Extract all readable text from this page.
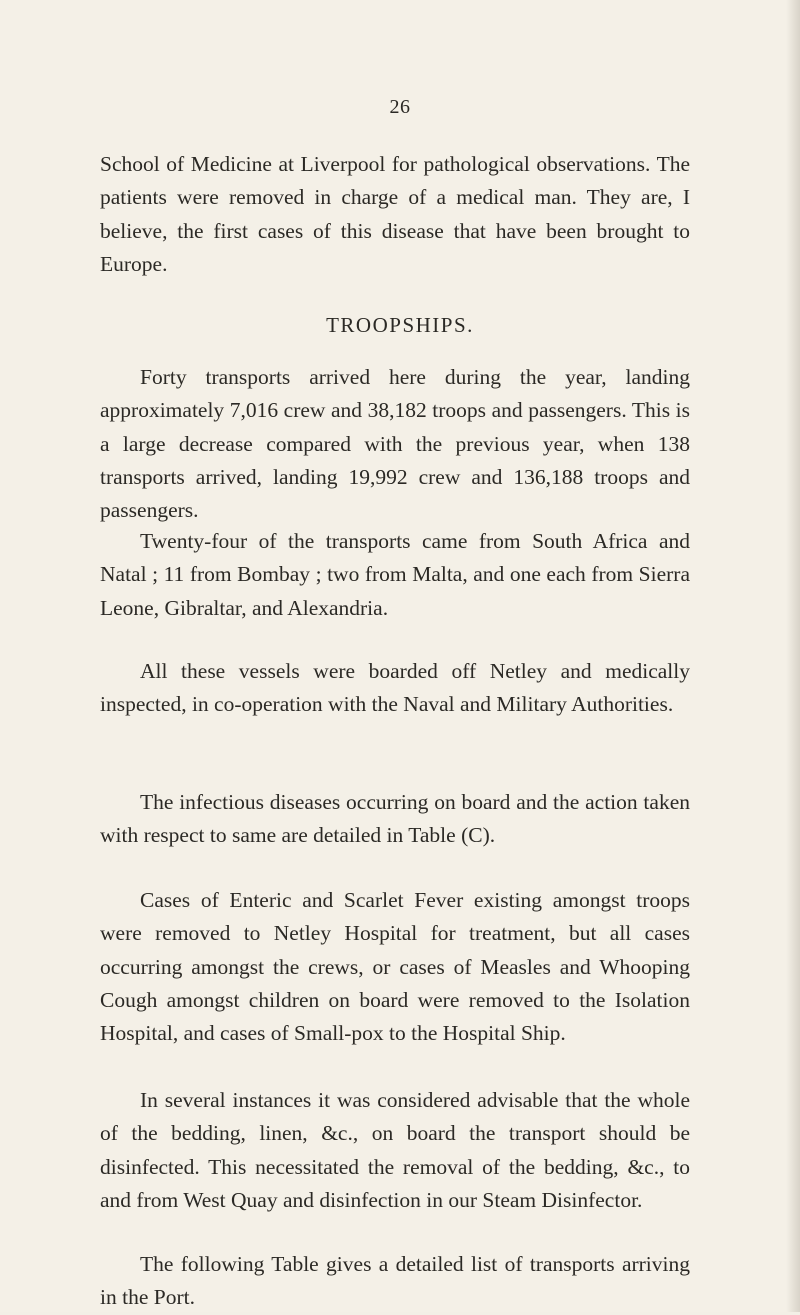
26

School of Medicine at Liverpool for pathological observations. The patients were removed in charge of a medical man. They are, I believe, the first cases of this disease that have been brought to Europe.

TROOPSHIPS.

Forty transports arrived here during the year, landing approximately 7,016 crew and 38,182 troops and passengers. This is a large decrease compared with the previous year, when 138 transports arrived, landing 19,992 crew and 136,188 troops and passengers.

Twenty-four of the transports came from South Africa and Natal ; 11 from Bombay ; two from Malta, and one each from Sierra Leone, Gibraltar, and Alexandria.

All these vessels were boarded off Netley and medically inspected, in co-operation with the Naval and Military Authorities.

The infectious diseases occurring on board and the action taken with respect to same are detailed in Table (C).

Cases of Enteric and Scarlet Fever existing amongst troops were removed to Netley Hospital for treatment, but all cases occurring amongst the crews, or cases of Measles and Whooping Cough amongst children on board were removed to the Isolation Hospital, and cases of Small-pox to the Hospital Ship.

In several instances it was considered advisable that the whole of the bedding, linen, &c., on board the transport should be disinfected. This necessitated the removal of the bedding, &c., to and from West Quay and disinfection in our Steam Disinfector.

The following Table gives a detailed list of transports arriving in the Port.
